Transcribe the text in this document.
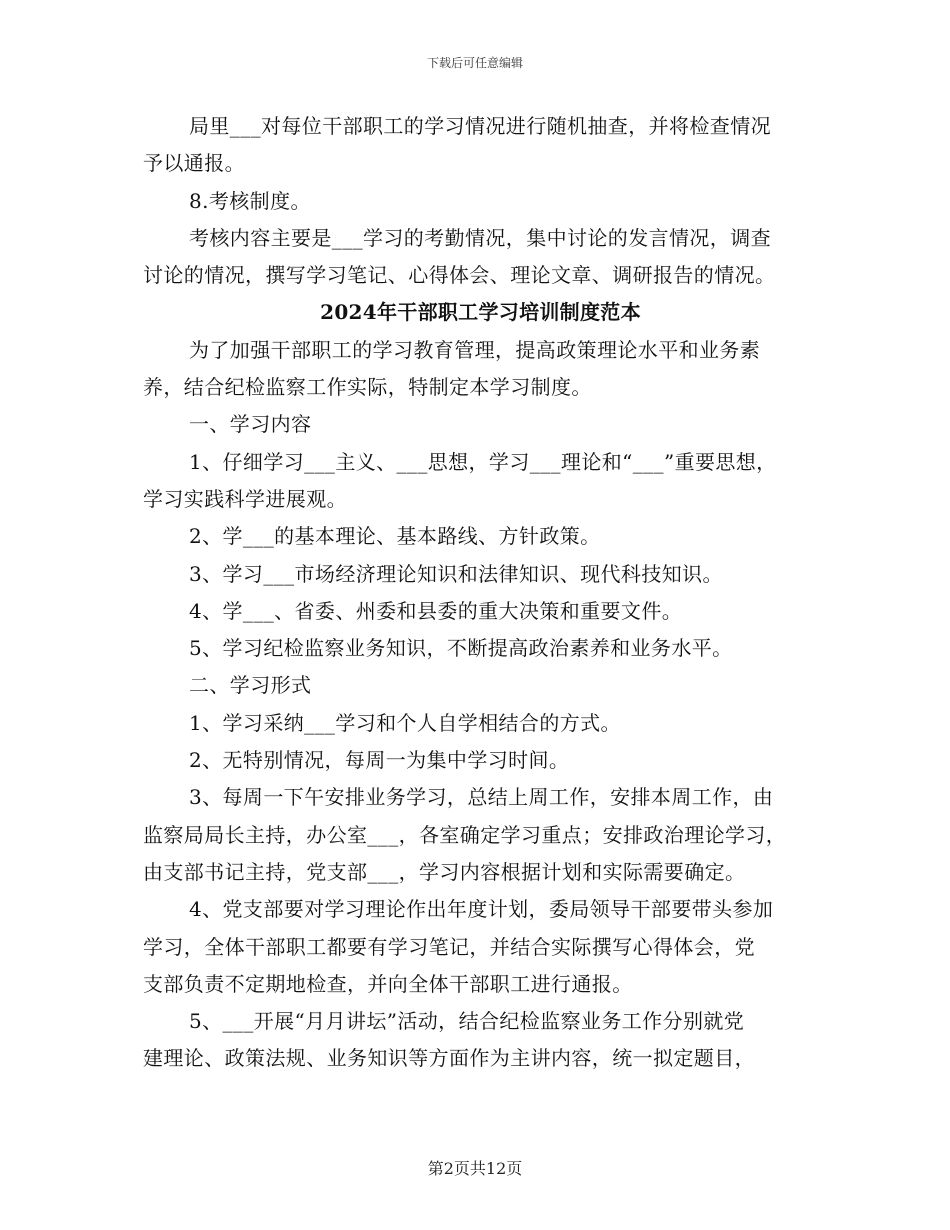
下载后可任意编辑
局里___对每位干部职工的学习情况进行随机抽查，并将检查情况
予以通报。
8.考核制度。
考核内容主要是___学习的考勤情况，集中讨论的发言情况，调查
讨论的情况，撰写学习笔记、心得体会、理论文章、调研报告的情况。
2024年干部职工学习培训制度范本
为了加强干部职工的学习教育管理，提高政策理论水平和业务素
养，结合纪检监察工作实际，特制定本学习制度。
一、学习内容
1、仔细学习___主义、___思想，学习___理论和“___”重要思想，
学习实践科学进展观。
2、学___的基本理论、基本路线、方针政策。
3、学习___市场经济理论知识和法律知识、现代科技知识。
4、学___、省委、州委和县委的重大决策和重要文件。
5、学习纪检监察业务知识，不断提高政治素养和业务水平。
二、学习形式
1、学习采纳___学习和个人自学相结合的方式。
2、无特别情况，每周一为集中学习时间。
3、每周一下午安排业务学习，总结上周工作，安排本周工作，由
监察局局长主持，办公室___，各室确定学习重点；安排政治理论学习，
由支部书记主持，党支部___，学习内容根据计划和实际需要确定。
4、党支部要对学习理论作出年度计划，委局领导干部要带头参加
学习，全体干部职工都要有学习笔记，并结合实际撰写心得体会，党
支部负责不定期地检查，并向全体干部职工进行通报。
5、___开展“月月讲坛”活动，结合纪检监察业务工作分别就党
建理论、政策法规、业务知识等方面作为主讲内容，统一拟定题目，
第2页共12页
